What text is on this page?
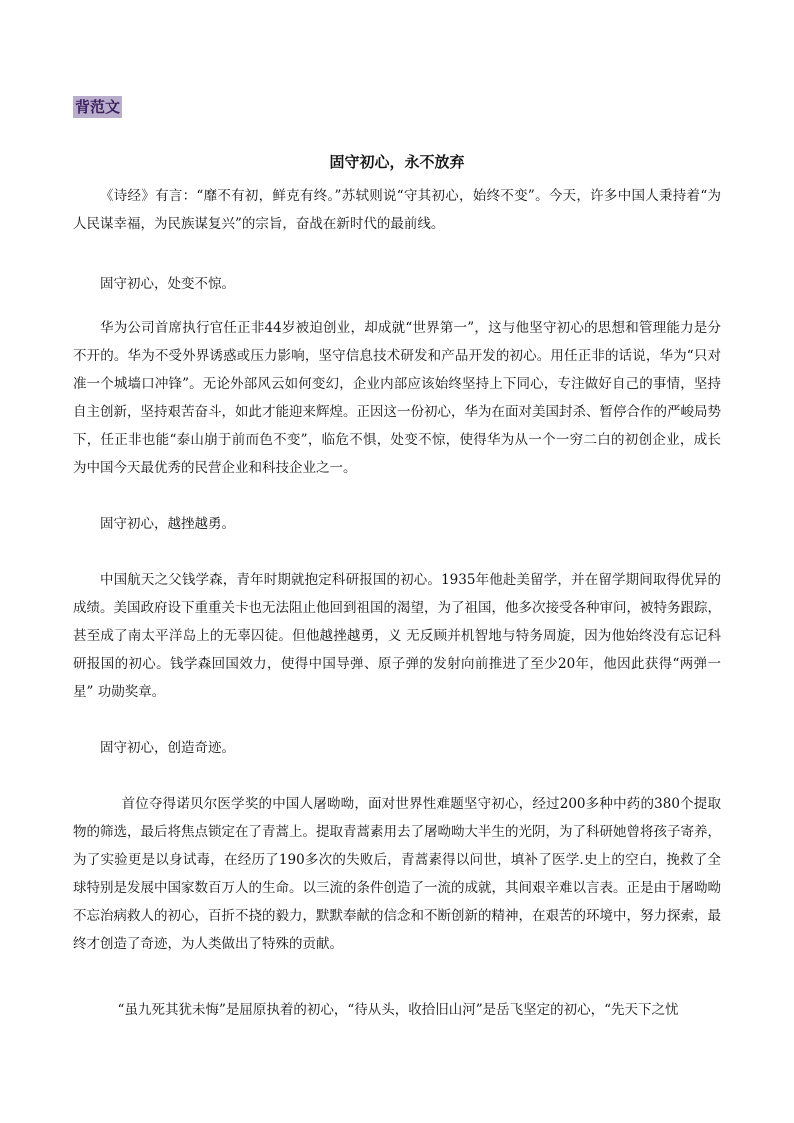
背范文
固守初心，永不放弃

《诗经》有言：“靡不有初，鲜克有终。”苏轼则说“守其初心，始终不变”。今天，许多中国人秉持着“为人民谋幸福，为民族谋复兴”的宗旨，奋战在新时代的最前线。

固守初心，处变不惊。

华为公司首席执行官任正非44岁被迫创业，却成就“世界第一”，这与他坚守初心的思想和管理能力是分不开的。华为不受外界诱惑或压力影响，坚守信息技术研发和产品开发的初心。用任正非的话说，华为“只对准一个城墙口冲锋”。无论外部风云如何变幻，企业内部应该始终坚持上下同心，专注做好自己的事情，坚持自主创新，坚持艰苦奋斗，如此才能迎来辉煌。正因这一份初心，华为在面对美国封杀、暂停合作的严峻局势下，任正非也能“泰山崩于前而色不变”，临危不惧，处变不惊，使得华为从一个一穷二白的初创企业，成长为中国今天最优秀的民营企业和科技企业之一。

固守初心，越挫越勇。

中国航天之父钱学森，青年时期就抱定科研报国的初心。1935年他赴美留学，并在留学期间取得优异的成绩。美国政府设下重重关卡也无法阻止他回到祖国的渴望，为了祖国，他多次接受各种审问，被特务跟踪，甚至成了南太平洋岛上的无辜囚徒。但他越挫越勇，义 无反顾并机智地与特务周旋，因为他始终没有忘记科研报国的初心。钱学森回国效力，使得中国导弹、原子弹的发射向前推进了至少20年，他因此获得“两弹一星” 功勋奖章。

固守初心，创造奇迹。

首位夺得诺贝尔医学奖的中国人屠呦呦，面对世界性难题坚守初心，经过200多种中药的380个提取物的筛选，最后将焦点锁定在了青蒿上。提取青蒿素用去了屠呦呦大半生的光阴，为了科研她曾将孩子寄养，为了实验更是以身试毒，在经历了190多次的失败后，青蒿素得以问世，填补了医学.史上的空白，挽救了全球特别是发展中国家数百万人的生命。以三流的条件创造了一流的成就，其间艰辛难以言表。正是由于屠呦呦不忘治病救人的初心，百折不挠的毅力，默默奉献的信念和不断创新的精神，在艰苦的环境中，努力探索，最终才创造了奇迹，为人类做出了特殊的贡献。

“虽九死其犹未悔”是屈原执着的初心，“待从头，收拾旧山河”是岳飞坚定的初心，“先天下之忧
